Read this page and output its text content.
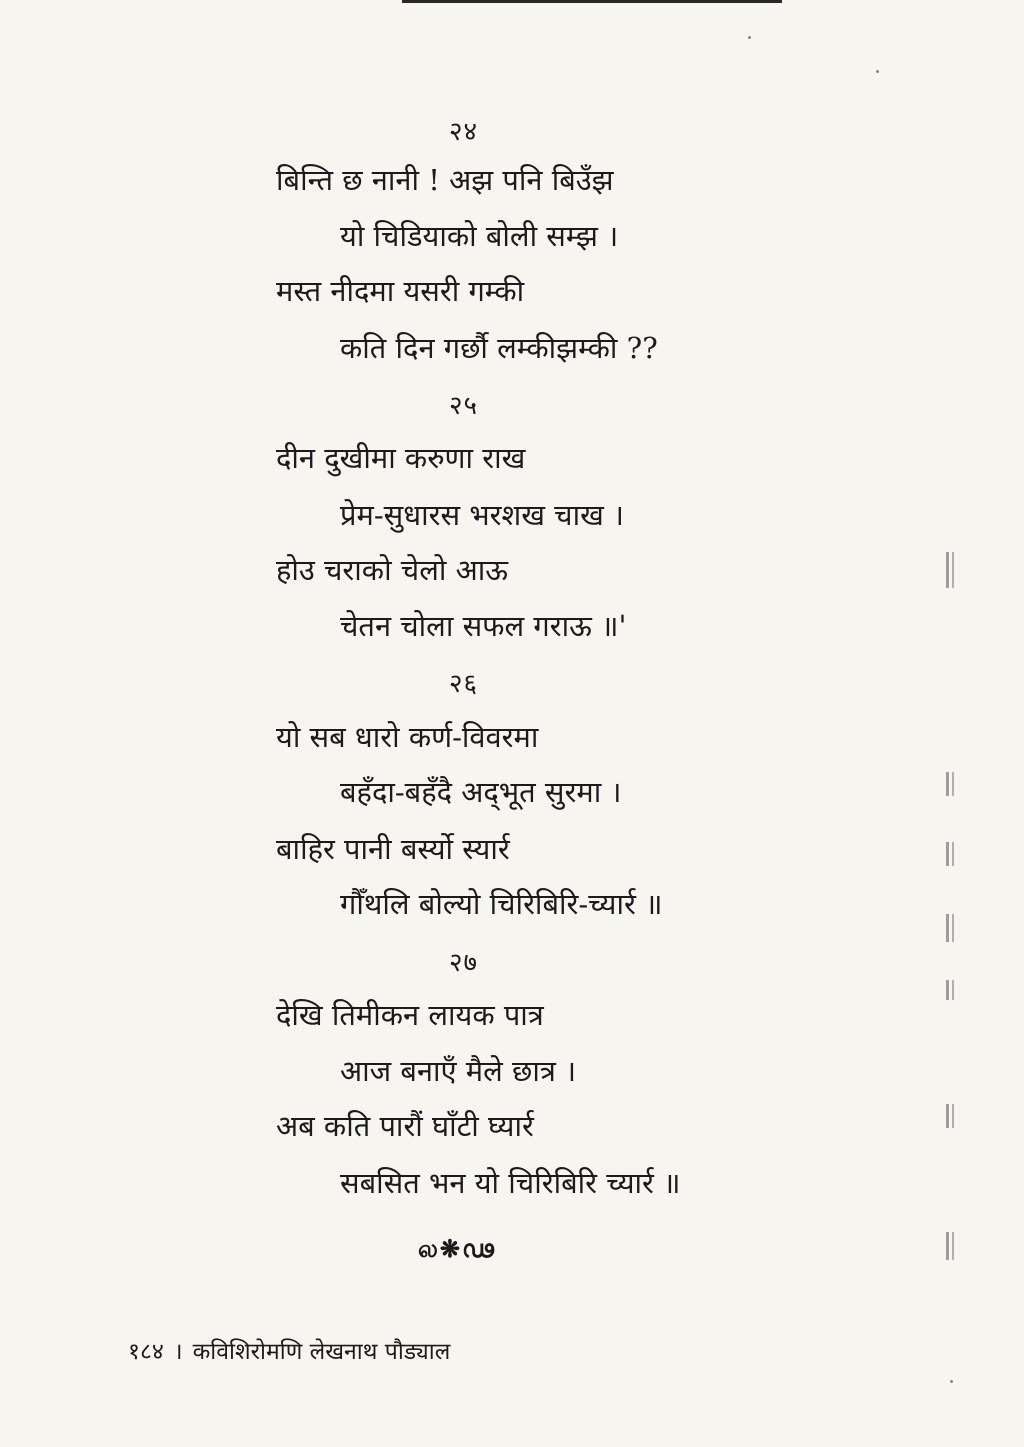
२४
बिन्ति छ नानी ! अझ पनि बिउँझ
यो चिडियाको बोली सम्झ ।
मस्त नीदमा यसरी गम्की
कति दिन गर्छौ लम्कीझम्की ??
२५
दीन दुखीमा करुणा राख
प्रेम-सुधारस भरशख चाख ।
होउ चराको चेलो आऊ
चेतन चोला सफल गराऊ ॥'
२६
यो सब धारो कर्ण-विवरमा
बहँदा-बहँदै अद्‌भूत सुरमा ।
बाहिर पानी बर्स्यो स्यार्र
गौँथलि बोल्यो चिरिबिरि-च्यार्र ॥
२७
देखि तिमीकन लायक पात्र
आज बनाएँ मैले छात्र ।
अब कति पारौं घाँटी घ्यार्र
सबसित भन यो चिरिबिरि च्यार्र ॥
ல❋ഢ
१८४ । कविशिरोमणि लेखनाथ पौड्याल
